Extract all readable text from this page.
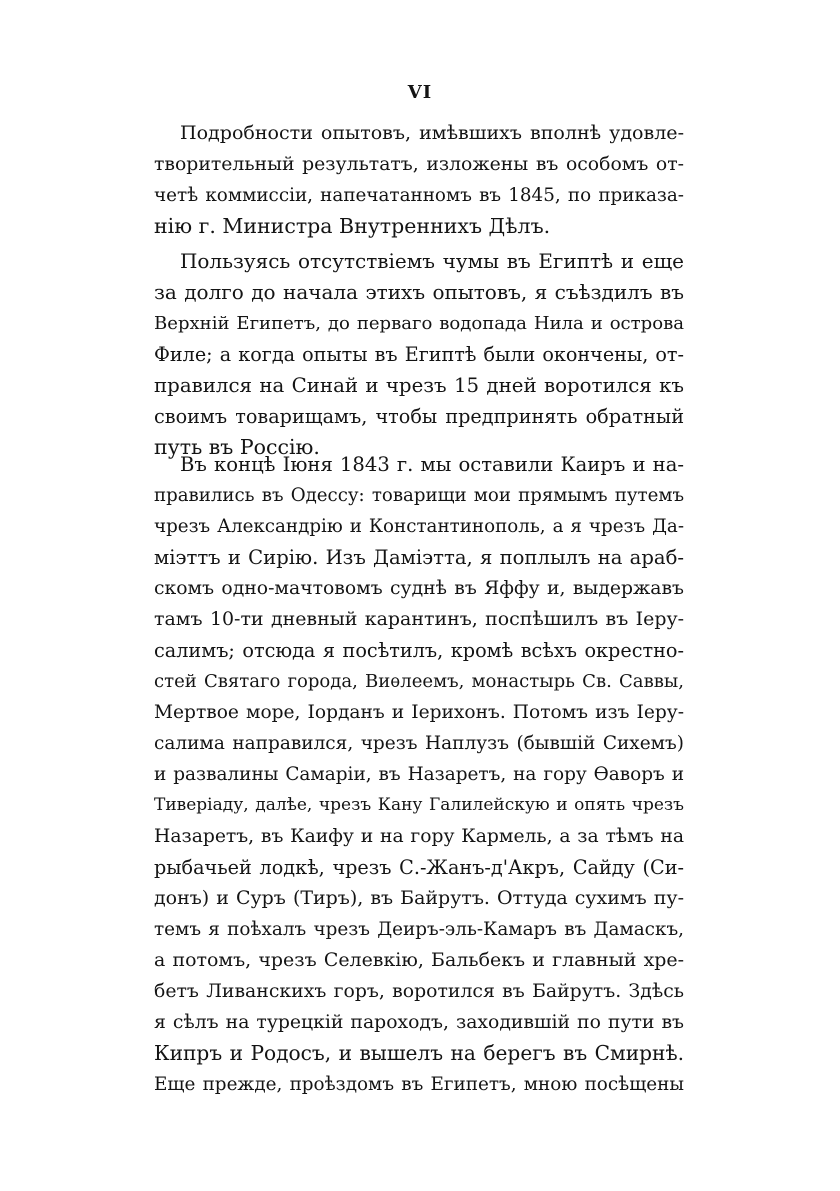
VI
Подробности опытовъ, имѣвшихъ вполнѣ удовле-
творительный результатъ, изложены въ особомъ от-
четѣ коммиссіи, напечатанномъ въ 1845, по приказа-
нію г. Министра Внутреннихъ Дѣлъ.
Пользуясь отсутствіемъ чумы въ Египтѣ и еще
за долго до начала этихъ опытовъ, я съѣздилъ въ
Верхній Египетъ, до перваго водопада Нила и острова
Филе; а когда опыты въ Египтѣ были окончены, от-
правился на Синай и чрезъ 15 дней воротился къ
своимъ товарищамъ, чтобы предпринять обратный
путь въ Россію.
Въ концѣ Іюня 1843 г. мы оставили Каиръ и на-
правились въ Одессу: товарищи мои прямымъ путемъ
чрезъ Александрію и Константинополь, а я чрезъ Да-
міэттъ и Сирію. Изъ Даміэтта, я поплылъ на араб-
скомъ одно-мачтовомъ суднѣ въ Яффу и, выдержавъ
тамъ 10-ти дневный карантинъ, поспѣшилъ въ Іеру-
салимъ; отсюда я посѣтилъ, кромѣ всѣхъ окрестно-
стей Святаго города, Виѳлеемъ, монастырь Св. Саввы,
Мертвое море, Іорданъ и Іерихонъ. Потомъ изъ Іеру-
салима направился, чрезъ Наплузъ (бывшій Сихемъ)
и развалины Самаріи, въ Назаретъ, на гору Ѳаворъ и
Тиверіаду, далѣе, чрезъ Кану Галилейскую и опять чрезъ
Назаретъ, въ Каифу и на гору Кармель, а за тѣмъ на
рыбачьей лодкѣ, чрезъ С.-Жанъ-д'Акръ, Сайду (Си-
донъ) и Суръ (Тиръ), въ Байрутъ. Оттуда сухимъ пу-
темъ я поѣхалъ чрезъ Деиръ-эль-Камаръ въ Дамаскъ,
а потомъ, чрезъ Селевкію, Бальбекъ и главный хре-
бетъ Ливанскихъ горъ, воротился въ Байрутъ. Здѣсь
я сѣлъ на турецкій пароходъ, заходившій по пути въ
Кипръ и Родосъ, и вышелъ на берегъ въ Смирнѣ.
Еще прежде, проѣздомъ въ Египетъ, мною посѣщены
